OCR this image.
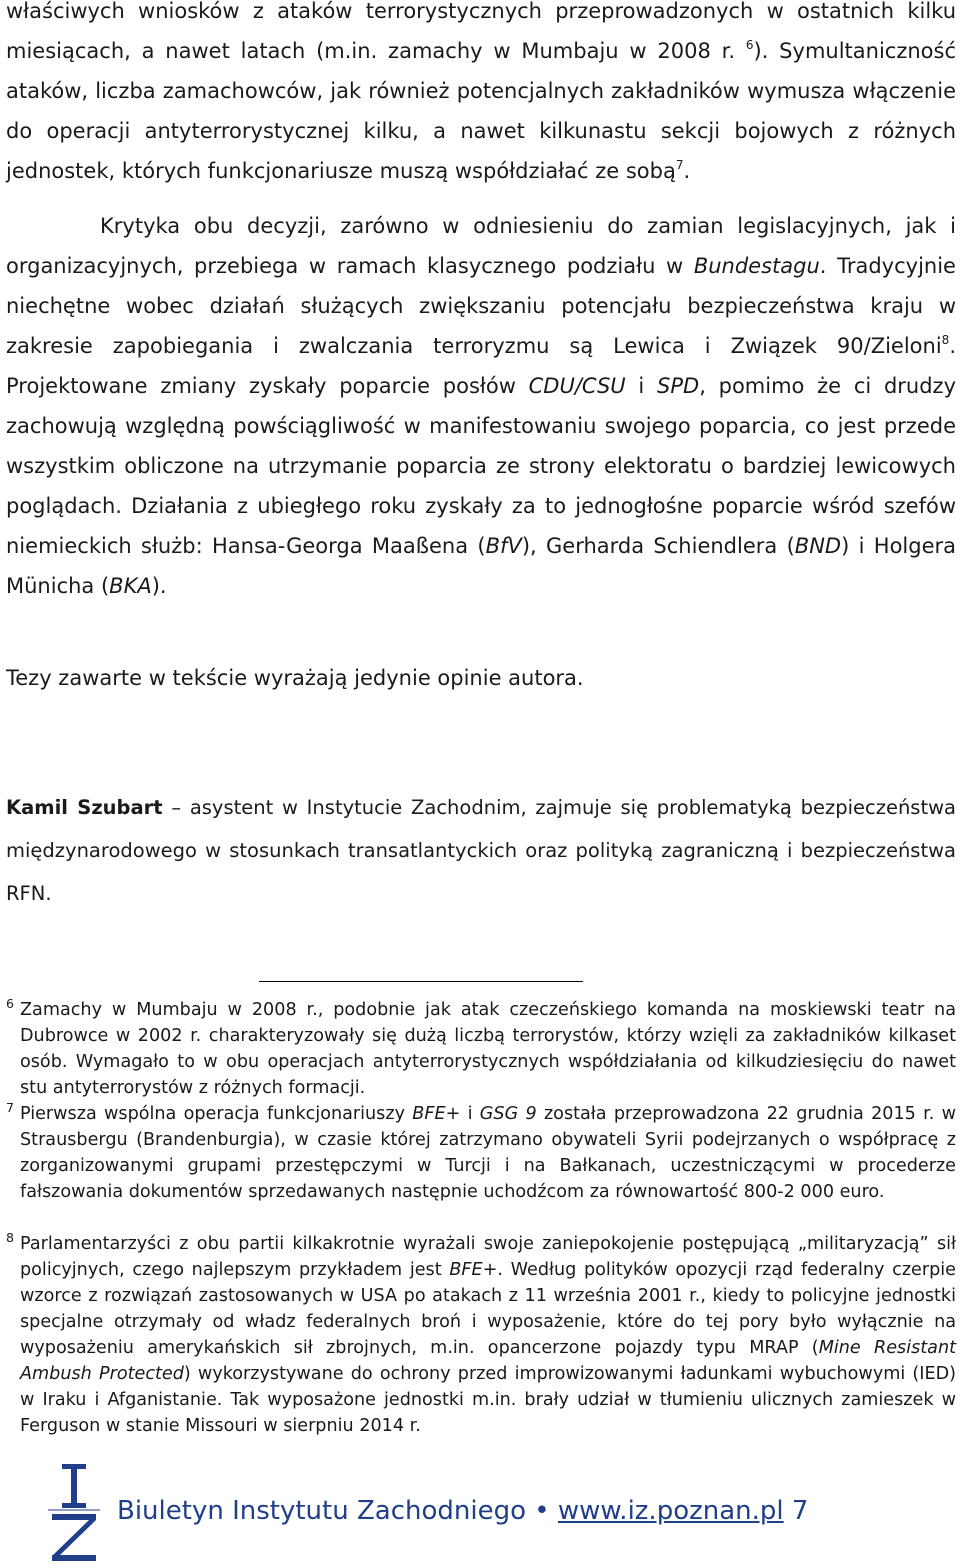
właściwych wniosków z ataków terrorystycznych przeprowadzonych w ostatnich kilku miesiącach, a nawet latach (m.in. zamachy w Mumbaju w 2008 r. $^6$). Symultaniczność ataków, liczba zamachowców, jak również potencjalnych zakładników wymusza włączenie do operacji antyterrorystycznej kilku, a nawet kilkunastu sekcji bojowych z różnych jednostek, których funkcjonariusze muszą współdziałać ze sobą$^7$.

Krytyka obu decyzji, zarówno w odniesieniu do zamian legislacyjnych, jak i organizacyjnych, przebiega w ramach klasycznego podziału w Bundestagu. Tradycyjnie niechętne wobec działań służących zwiększaniu potencjału bezpieczeństwa kraju w zakresie zapobiegania i zwalczania terroryzmu są Lewica i Związek 90/Zieloni$^8$. Projektowane zmiany zyskały poparcie posłów CDU/CSU i SPD, pomimo że ci drudzy zachowują względną powściągliwość w manifestowaniu swojego poparcia, co jest przede wszystkim obliczone na utrzymanie poparcia ze strony elektoratu o bardziej lewicowych poglądach. Działania z ubiegłego roku zyskały za to jednogłośne poparcie wśród szefów niemieckich służb: Hansa-Georga Maaßena (BfV), Gerharda Schiendlera (BND) i Holgera Münicha (BKA).

Tezy zawarte w tekście wyrażają jedynie opinie autora.

Kamil Szubart – asystent w Instytucie Zachodnim, zajmuje się problematyką bezpieczeństwa międzynarodowego w stosunkach transatlantyckich oraz polityką zagraniczną i bezpieczeństwa RFN.

6 Zamachy w Mumbaju w 2008 r., podobnie jak atak czeczeńskiego komanda na moskiewski teatr na Dubrowce w 2002 r. charakteryzowały się dużą liczbą terrorystów, którzy wzięli za zakładników kilkaset osób. Wymagało to w obu operacjach antyterrorystycznych współdziałania od kilkudziesięciu do nawet stu antyterrorystów z różnych formacji.
7 Pierwsza wspólna operacja funkcjonariuszy BFE+ i GSG 9 została przeprowadzona 22 grudnia 2015 r. w Strausbergu (Brandenburgia), w czasie której zatrzymano obywateli Syrii podejrzanych o współpracę z zorganizowanymi grupami przestępczymi w Turcji i na Bałkanach, uczestniczącymi w procederze fałszowania dokumentów sprzedawanych następnie uchodźcom za równowartość 800-2 000 euro.
8 Parlamentarzyści z obu partii kilkakrotnie wyrażali swoje zaniepokojenie postępującą „militaryzacją” sił policyjnych, czego najlepszym przykładem jest BFE+. Według polityków opozycji rząd federalny czerpie wzorce z rozwiązań zastosowanych w USA po atakach z 11 września 2001 r., kiedy to policyjne jednostki specjalne otrzymały od władz federalnych broń i wyposażenie, które do tej pory było wyłącznie na wyposażeniu amerykańskich sił zbrojnych, m.in. opancerzone pojazdy typu MRAP (Mine Resistant Ambush Protected) wykorzystywane do ochrony przed improwizowanymi ładunkami wybuchowymi (IED) w Iraku i Afganistanie. Tak wyposażone jednostki m.in. brały udział w tłumieniu ulicznych zamieszek w Ferguson w stanie Missouri w sierpniu 2014 r.
Biuletyn Instytutu Zachodniego • www.iz.poznan.pl 7
